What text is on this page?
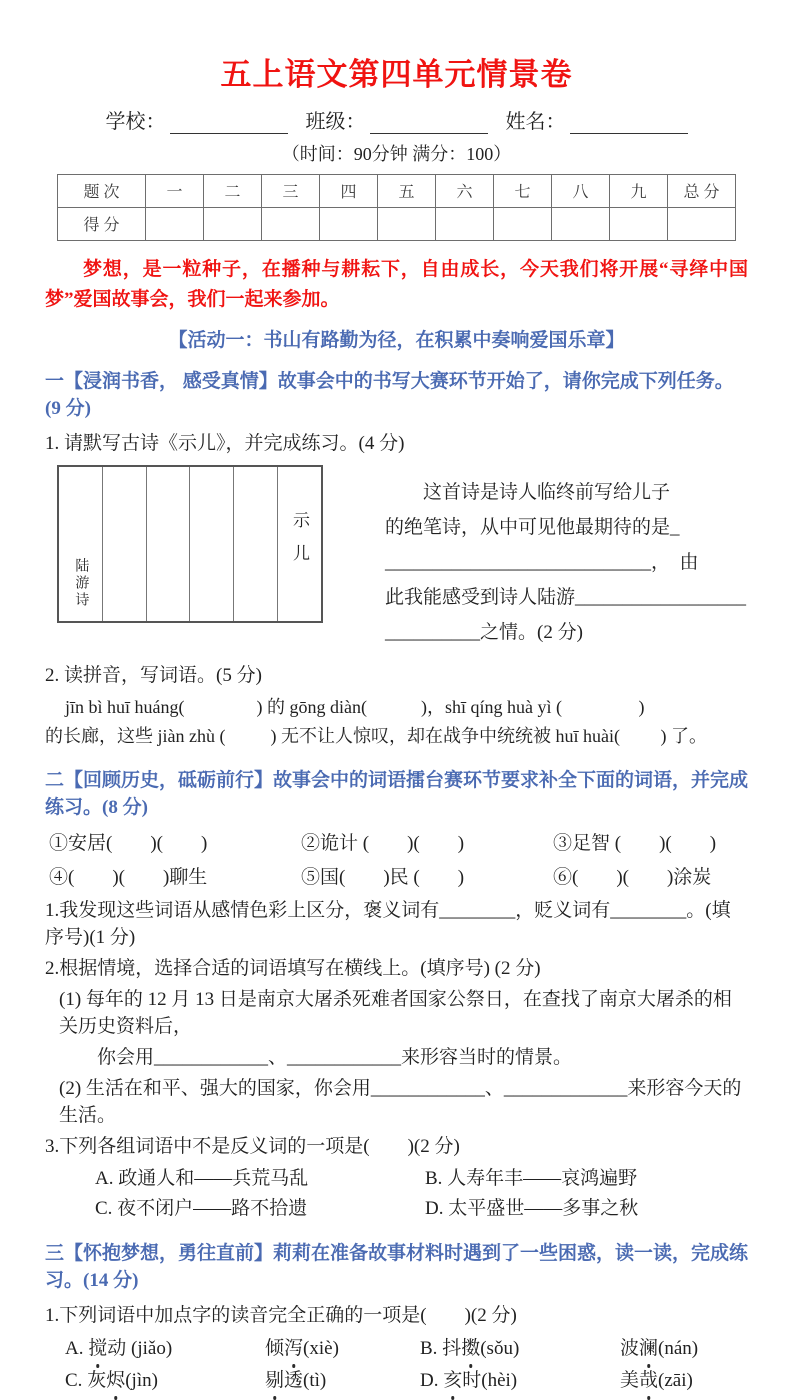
五上语文第四单元情景卷
学校：	班级：	姓名：
（时间：90分钟 满分：100）
题 次	一	二	三	四	五	六	七	八	九	总 分
得 分										
梦想，是一粒种子，在播种与耕耘下，自由成长，今天我们将开展“寻绎中国梦”爱国故事会，我们一起来参加。
【活动一：书山有路勤为径，在积累中奏响爱国乐章】
一【浸润书香， 感受真情】故事会中的书写大赛环节开始了，请你完成下列任务。(9 分)
1. 请默写古诗《示儿》，并完成练习。(4 分)
陆游诗
示儿
　　这首诗是诗人临终前写给儿子
的绝笔诗，从中可见他最期待的是_
____________________________，  由
此我能感受到诗人陆游__________________
__________之情。(2 分)
2. 读拼音，写词语。(5 分)
jīn bì huī huáng(                ) 的 gōng diàn(            )，shī qíng huà yì (                 )
的长廊，这些 jiàn zhù (          ) 无不让人惊叹，却在战争中统统被 huī huài(         ) 了。
二【回顾历史，砥砺前行】故事会中的词语擂台赛环节要求补全下面的词语，并完成练习。(8 分)
①安居(　　)(　　)	②诡计 (　　)(　　)	③足智 (　　)(　　)
④(　　)(　　)聊生	⑤国(　　)民 (　　)	⑥(　　)(　　)涂炭
1.我发现这些词语从感情色彩上区分，褒义词有________，贬义词有________。(填序号)(1 分)
2.根据情境，选择合适的词语填写在横线上。(填序号) (2 分)
(1) 每年的 12 月 13 日是南京大屠杀死难者国家公祭日，在查找了南京大屠杀的相关历史资料后，
你会用____________、____________来形容当时的情景。
(2) 生活在和平、强大的国家，你会用____________、_____________来形容今天的生活。
3.下列各组词语中不是反义词的一项是(　　)(2 分)
A. 政通人和——兵荒马乱	B. 人寿年丰——哀鸿遍野
C. 夜不闭户——路不拾遗	D. 太平盛世——多事之秋
三【怀抱梦想，勇往直前】莉莉在准备故事材料时遇到了一些困惑，读一读，完成练习。(14 分)
1.下列词语中加点字的读音完全正确的一项是(　　)(2 分)
A. 搅动 (jiǎo)	倾泻(xiè)	B. 抖擞(sǒu)	波澜(nán)
C. 灰烬(jìn)	剔透(tì)	D. 亥时(hèi)	美哉(zāi)
